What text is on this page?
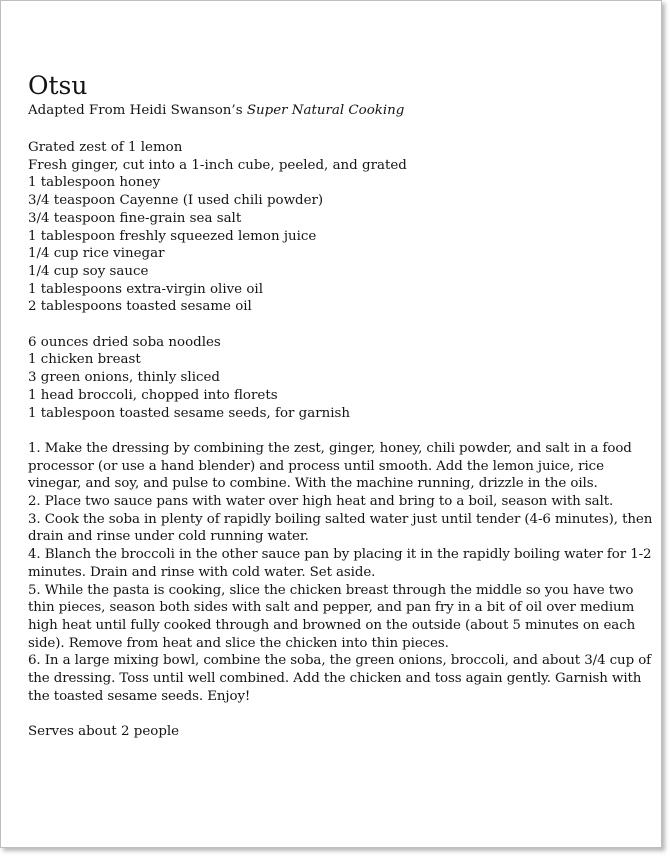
Otsu

Adapted From Heidi Swanson’s Super Natural Cooking

Grated zest of 1 lemon
Fresh ginger, cut into a 1-inch cube, peeled, and grated
1 tablespoon honey
3/4 teaspoon Cayenne (I used chili powder)
3/4 teaspoon fine-grain sea salt
1 tablespoon freshly squeezed lemon juice
1/4 cup rice vinegar
1/4 cup soy sauce
1 tablespoons extra-virgin olive oil
2 tablespoons toasted sesame oil
6 ounces dried soba noodles
1 chicken breast
3 green onions, thinly sliced
1 head broccoli, chopped into florets
1 tablespoon toasted sesame seeds, for garnish

1. Make the dressing by combining the zest, ginger, honey, chili powder, and salt in a food processor (or use a hand blender) and process until smooth. Add the lemon juice, rice vinegar, and soy, and pulse to combine. With the machine running, drizzle in the oils.

2. Place two sauce pans with water over high heat and bring to a boil, season with salt.

3. Cook the soba in plenty of rapidly boiling salted water just until tender (4-6 minutes), then drain and rinse under cold running water.

4. Blanch the broccoli in the other sauce pan by placing it in the rapidly boiling water for 1-2 minutes. Drain and rinse with cold water. Set aside.

5. While the pasta is cooking, slice the chicken breast through the middle so you have two thin pieces, season both sides with salt and pepper, and pan fry in a bit of oil over medium high heat until fully cooked through and browned on the outside (about 5 minutes on each side). Remove from heat and slice the chicken into thin pieces.

6. In a large mixing bowl, combine the soba, the green onions, broccoli, and about 3/4 cup of the dressing. Toss until well combined. Add the chicken and toss again gently. Garnish with the toasted sesame seeds. Enjoy!

Serves about 2 people
